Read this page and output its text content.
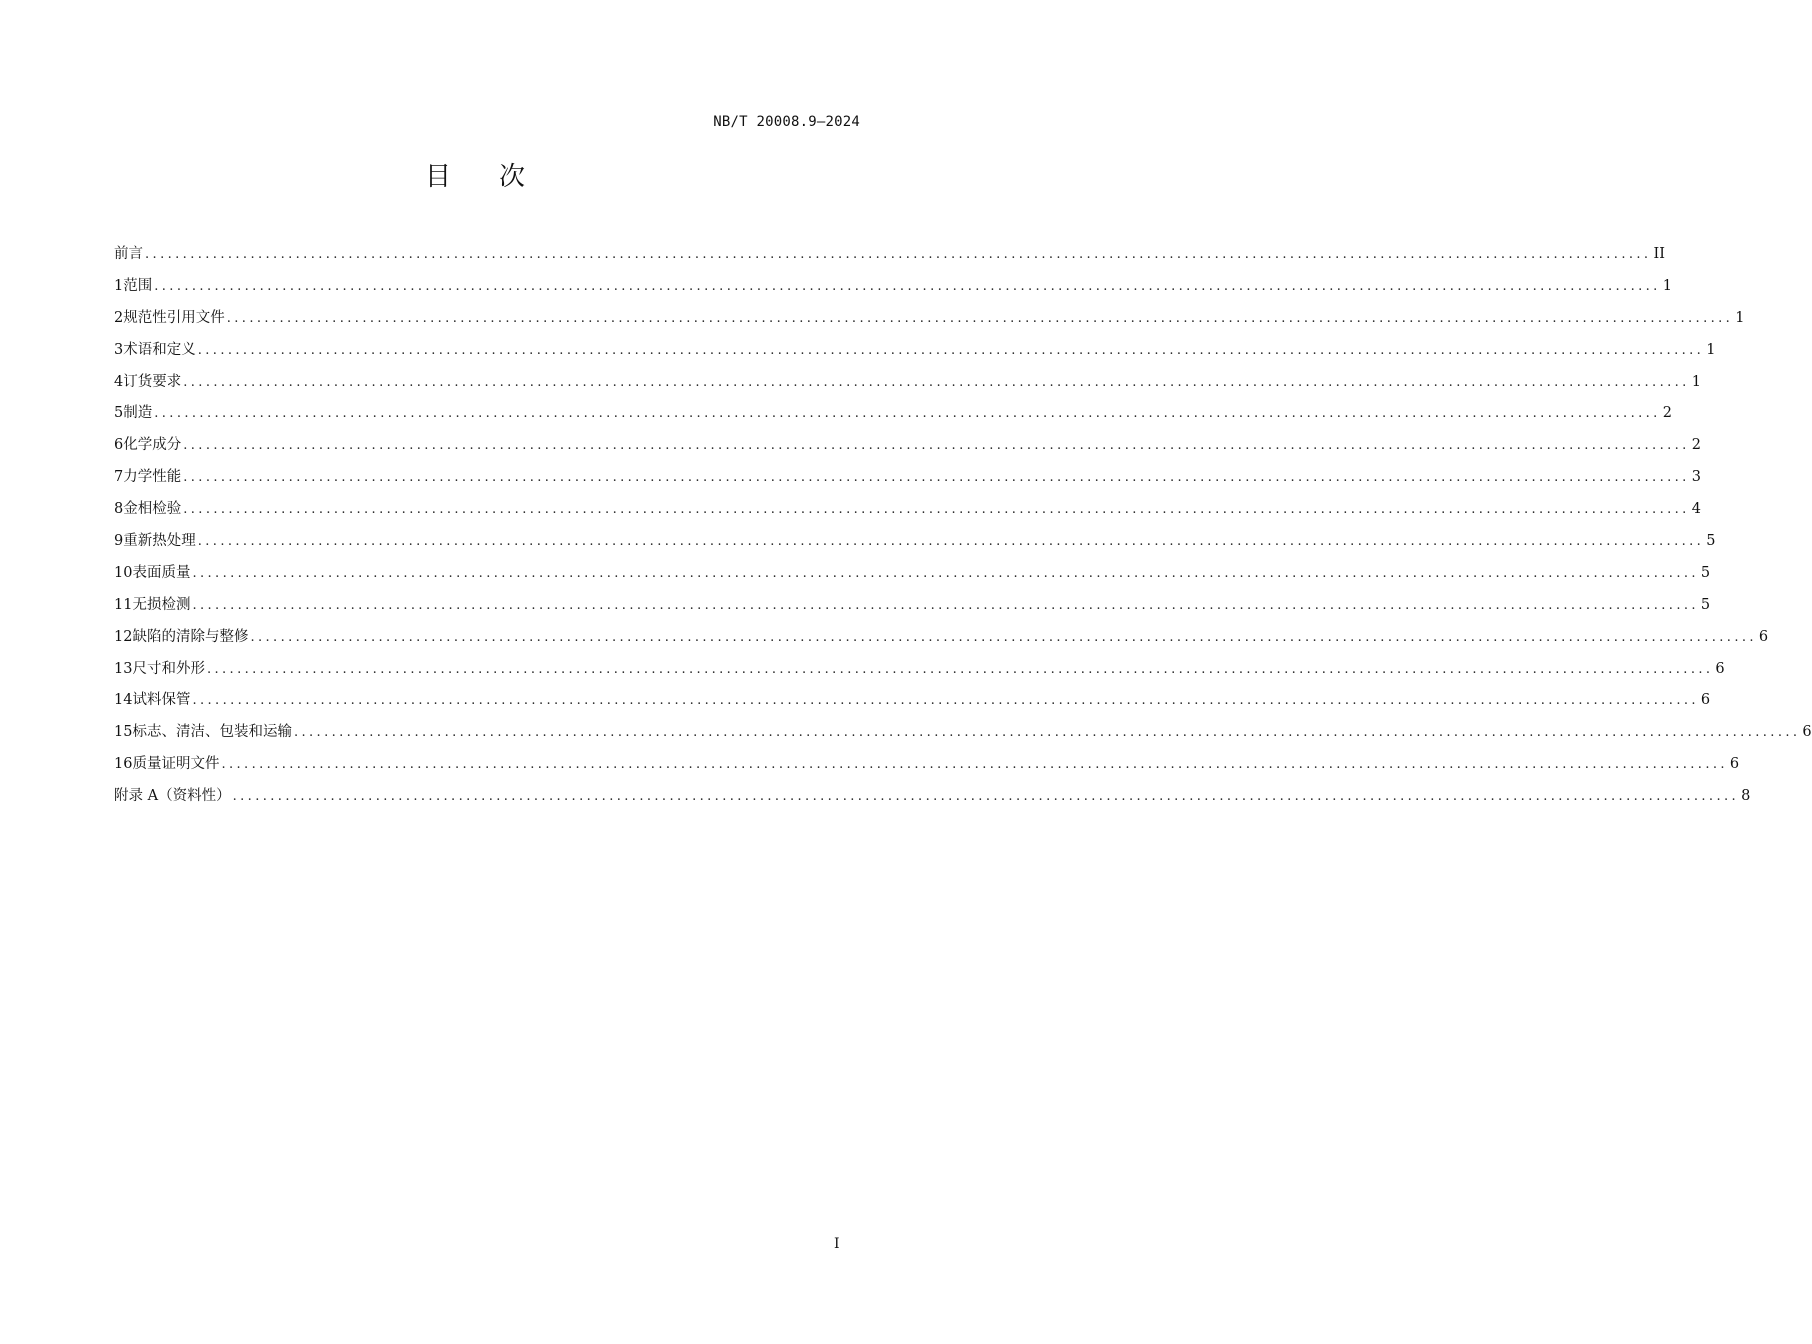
NB/T 20008.9—2024
目次
前言 ........................................................................................................................................................................................................ II
1 范围 ........................................................................................................................................................................................................ 1
2 规范性引用文件 ........................................................................................................................................................................................................ 1
3 术语和定义 ........................................................................................................................................................................................................ 1
4 订货要求 ........................................................................................................................................................................................................ 1
5 制造 ........................................................................................................................................................................................................ 2
6 化学成分 ........................................................................................................................................................................................................ 2
7 力学性能 ........................................................................................................................................................................................................ 3
8 金相检验 ........................................................................................................................................................................................................ 4
9 重新热处理 ........................................................................................................................................................................................................ 5
10 表面质量 ........................................................................................................................................................................................................ 5
11 无损检测 ........................................................................................................................................................................................................ 5
12 缺陷的清除与整修 ........................................................................................................................................................................................................ 6
13 尺寸和外形 ........................................................................................................................................................................................................ 6
14 试料保管 ........................................................................................................................................................................................................ 6
15 标志、清洁、包装和运输 ........................................................................................................................................................................................................ 6
16 质量证明文件 ........................................................................................................................................................................................................ 6
附录 A（资料性） ........................................................................................................................................................................................................ 8
I
